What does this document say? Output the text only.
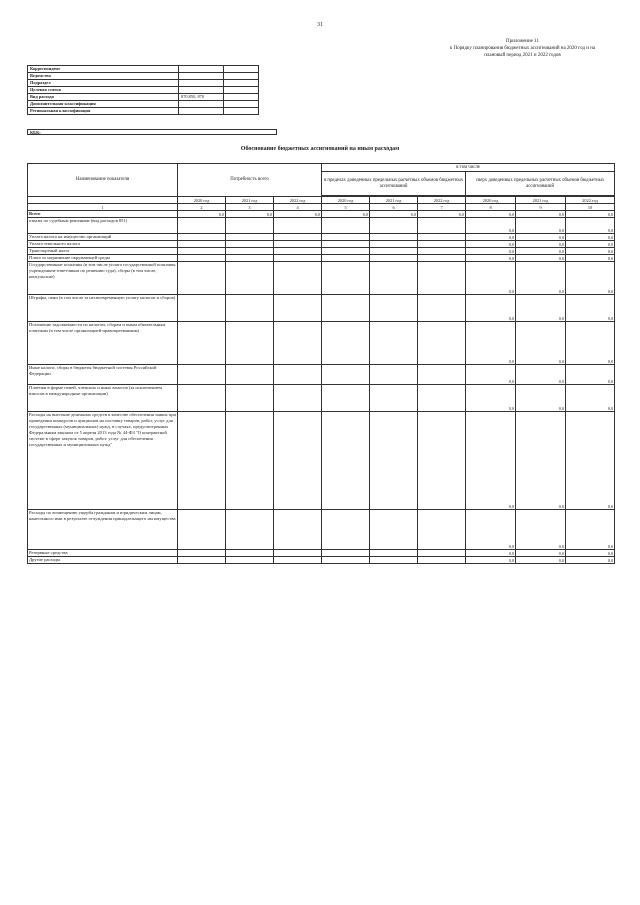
31
Приложение 11
к Порядку планирования бюджетных ассигнований на 2020 год и на
плановый период 2021 и 2022 годов
Корреспондент		
Ведомство		
Подраздел		
Целевая статья		
Вид расхода	870,850, 870	
Дополнительная классификация		
Региональная классификация		
КБК:
Обоснование бюджетных ассигнований на иным расходам
Наименование показателя	Потребность всего			в том числе					
				в пределах доведенных предельных расчетных объемов бюджетных ассигнований			сверх доведенных предельных расчетных объемов бюджетных ассигнований		

	2020 год	2021 год	2022 год	2020 год	2021 год	2022 год	2020 год	2021 год	2022 год
1	2	3	4	5	6	7	8	9	10
Всего	0,0	0,0	0,0	0,0	0,0	0,0	0,0	0,0	0,0
отказы по судебным решениям (вид расходов 851)							0,0	0,0	0,0
Уплата налога на имущество организаций							0,0	0,0	0,0
Уплата земельного налога							0,0	0,0	0,0
Транспортный налог							0,0	0,0	0,0
Плата за загрязнение окружающей среды							0,0	0,0	0,0
Государственные пошлины (в том числе уплата государственной пошлины учреждением-ответчиком по решению суда), сборы (в том числе, консульские)							0,0	0,0	0,0
Штрафы, пени (в том числе за несвоевременную уплату налогов и сборов)							0,0	0,0	0,0
Погашение задолженности по налогам, сборам и иным обязательным платежам (в том числе организацией-правопреемником)							0,0	0,0	0,0
Иные налоги, сборы в бюджеты бюджетной системы Российской Федерации							0,0	0,0	0,0
Платежи в форме пеней, членских и иных взносов (за исключением взносов в международные организации)							0,0	0,0	0,0
Расходы на внесение денежных средств в качестве обеспечения заявок при проведении конкурсов и аукционов на поставку товаров, работ, услуг для государственных (муниципальных) нужд, в случаях, предусмотренных Федеральным законом от 5 апреля 2013 года № 44-ФЗ "О контрактной системе в сфере закупок товаров, работ, услуг для обеспечения государственных и муниципальных нужд"							0,0	0,0	0,0
Расходы по возмещению ущерба гражданам и юридическим лицам, нанесенного ими в результате отчуждения принадлежащего им имущества							0,0	0,0	0,0
Резервные средства							0,0	0,0	0,0
Другие расходы							0,0	0,0	0,0
